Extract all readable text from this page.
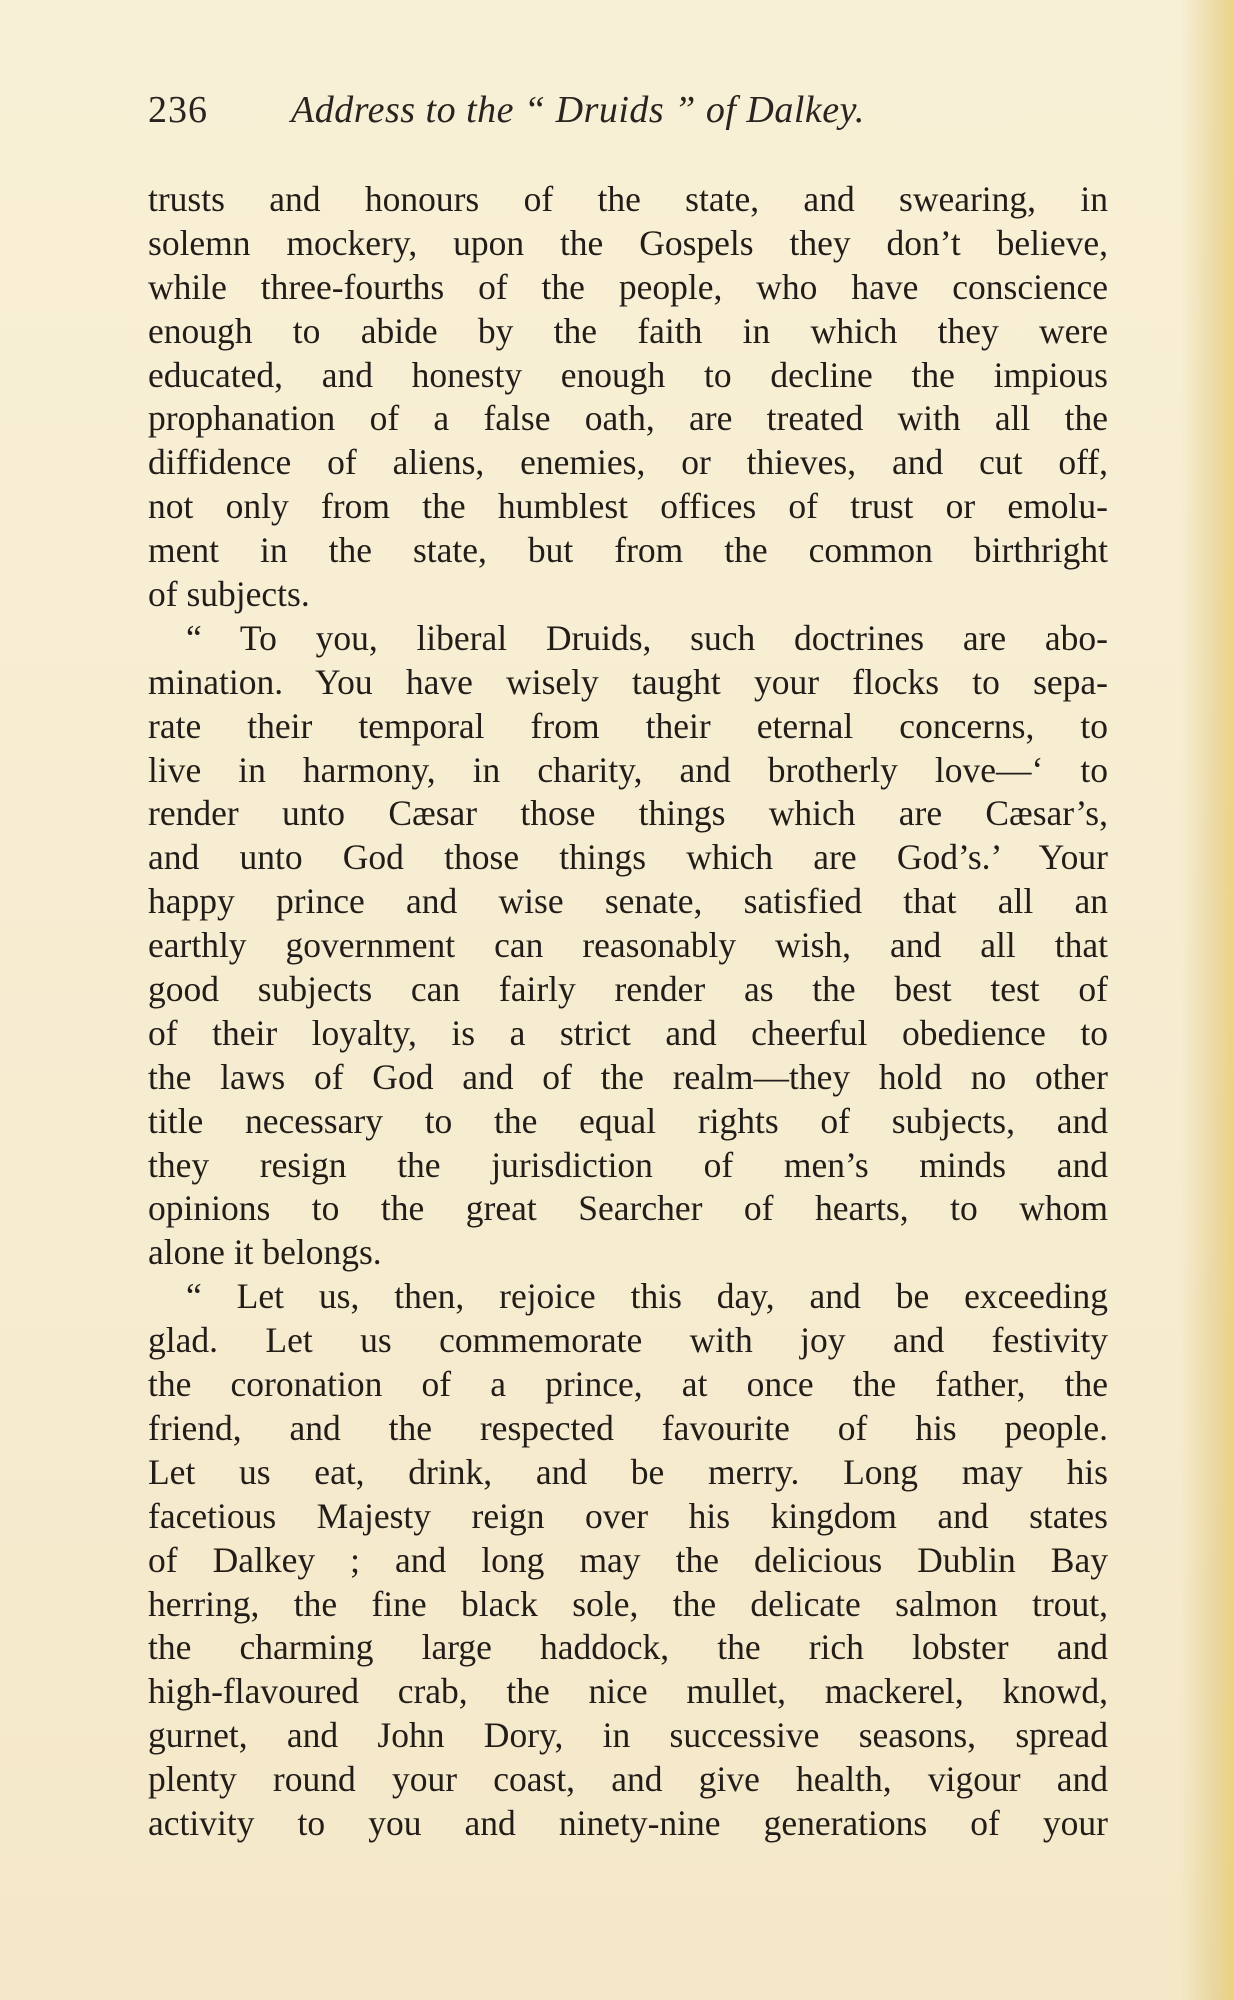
236 Address to the “ Druids ” of Dalkey.
trusts and honours of the state, and swearing, in
solemn mockery, upon the Gospels they don’t believe,
while three-fourths of the people, who have conscience
enough to abide by the faith in which they were
educated, and honesty enough to decline the impious
prophanation of a false oath, are treated with all the
diffidence of aliens, enemies, or thieves, and cut off,
not only from the humblest offices of trust or emolu-
ment in the state, but from the common birthright
of subjects.
“ To you, liberal Druids, such doctrines are abo-
mination. You have wisely taught your flocks to sepa-
rate their temporal from their eternal concerns, to
live in harmony, in charity, and brotherly love—‘ to
render unto Cæsar those things which are Cæsar’s,
and unto God those things which are God’s.’ Your
happy prince and wise senate, satisfied that all an
earthly government can reasonably wish, and all that
good subjects can fairly render as the best test of
of their loyalty, is a strict and cheerful obedience to
the laws of God and of the realm—they hold no other
title necessary to the equal rights of subjects, and
they resign the jurisdiction of men’s minds and
opinions to the great Searcher of hearts, to whom
alone it belongs.
“ Let us, then, rejoice this day, and be exceeding
glad. Let us commemorate with joy and festivity
the coronation of a prince, at once the father, the
friend, and the respected favourite of his people.
Let us eat, drink, and be merry. Long may his
facetious Majesty reign over his kingdom and states
of Dalkey ; and long may the delicious Dublin Bay
herring, the fine black sole, the delicate salmon trout,
the charming large haddock, the rich lobster and
high-flavoured crab, the nice mullet, mackerel, knowd,
gurnet, and John Dory, in successive seasons, spread
plenty round your coast, and give health, vigour and
activity to you and ninety-nine generations of your
